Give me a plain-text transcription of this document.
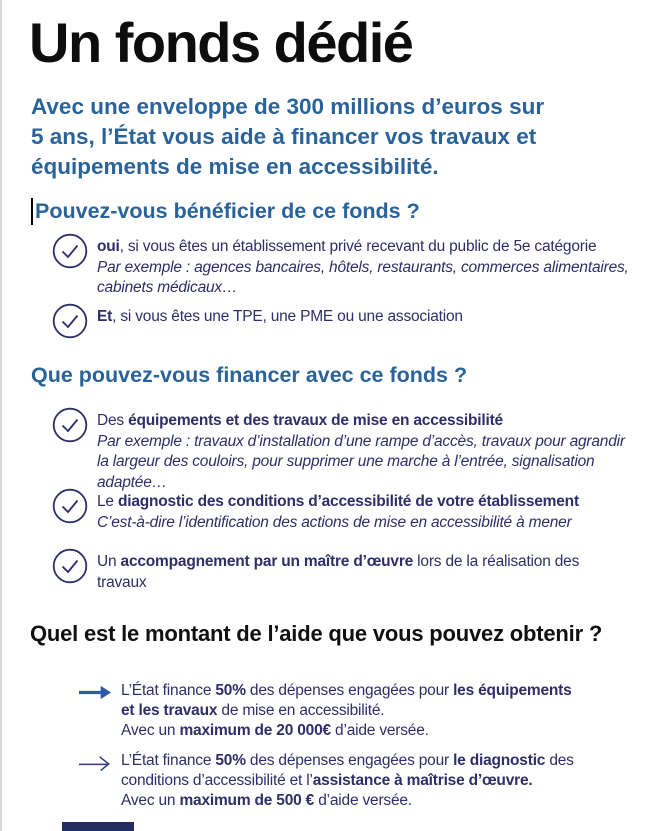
Un fonds dédié
Avec une enveloppe de 300 millions d’euros sur
5 ans, l’État vous aide à financer vos travaux et
équipements de mise en accessibilité.
Pouvez-vous bénéficier de ce fonds ?
oui, si vous êtes un établissement privé recevant du public de 5e catégorie
Par exemple : agences bancaires, hôtels, restaurants, commerces alimentaires,
cabinets médicaux…
Et, si vous êtes une TPE, une PME ou une association
Que pouvez-vous financer avec ce fonds ?
Des équipements et des travaux de mise en accessibilité
Par exemple : travaux d’installation d’une rampe d’accès, travaux pour agrandir
la largeur des couloirs, pour supprimer une marche à l’entrée, signalisation
adaptée…
Le diagnostic des conditions d’accessibilité de votre établissement
C’est-à-dire l’identification des actions de mise en accessibilité à mener
Un accompagnement par un maître d’œuvre lors de la réalisation des
travaux
Quel est le montant de l’aide que vous pouvez obtenir ?
L’État finance 50% des dépenses engagées pour les équipements
et les travaux de mise en accessibilité.
Avec un maximum de 20 000€ d’aide versée.
L’État finance 50% des dépenses engagées pour le diagnostic des
conditions d’accessibilité et l’assistance à maîtrise d’œuvre.
Avec un maximum de 500 € d’aide versée.
